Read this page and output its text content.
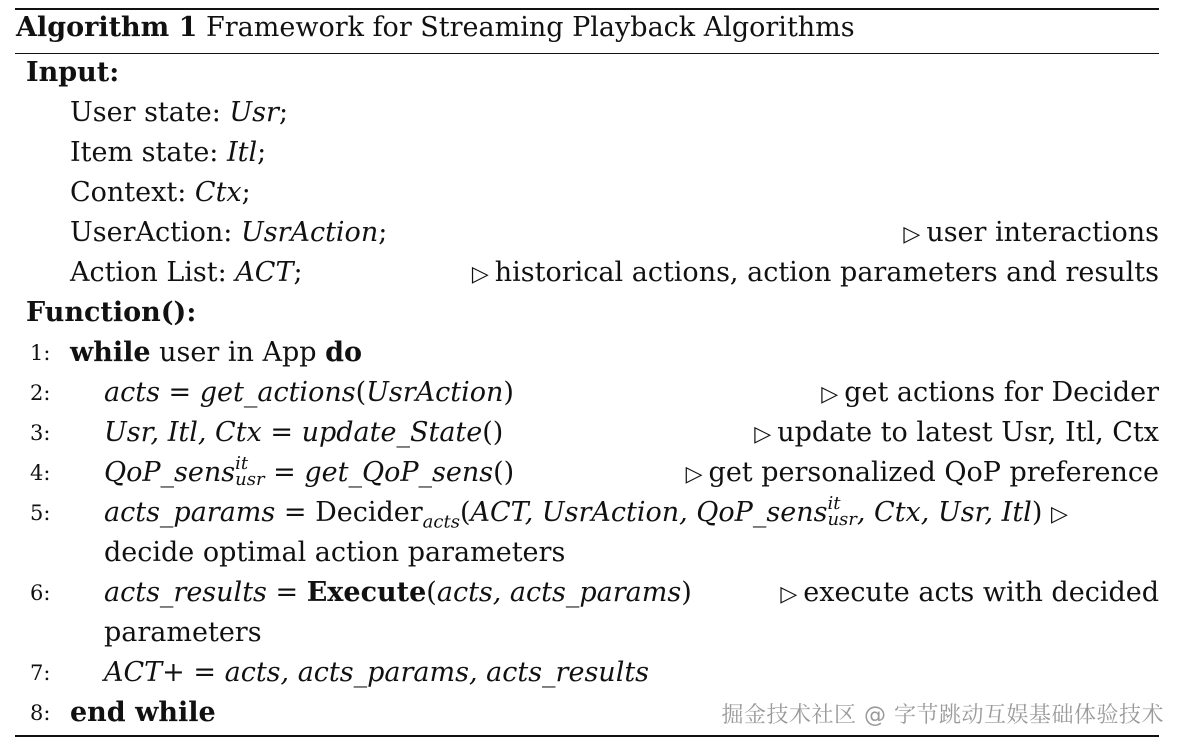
Algorithm 1 Framework for Streaming Playback Algorithms
Input:
User state: Usr;
Item state: Itl;
Context: Ctx;
UserAction: UsrAction;	▷ user interactions
Action List: ACT;	▷ historical actions, action parameters and results
Function():
1: while user in App do
2: acts = get_actions(UsrAction)	▷ get actions for Decider
3: Usr, Itl, Ctx = update_State()	▷ update to latest Usr, Itl, Ctx
4: QoP_sens it
usr = get_QoP_sens()	▷ get personalized QoP preference
5: acts_params = Decider$_{acts}$(ACT, UsrAction, QoP_sens it
usr , Ctx, Usr, Itl) ▷
decide optimal action parameters
6: acts_results = Execute(acts, acts_params)	▷ execute acts with decided
parameters
7: ACT+ = acts, acts_params, acts_results
8: end while	掘金技术社区 @ 字节跳动互娱基础体验技术
